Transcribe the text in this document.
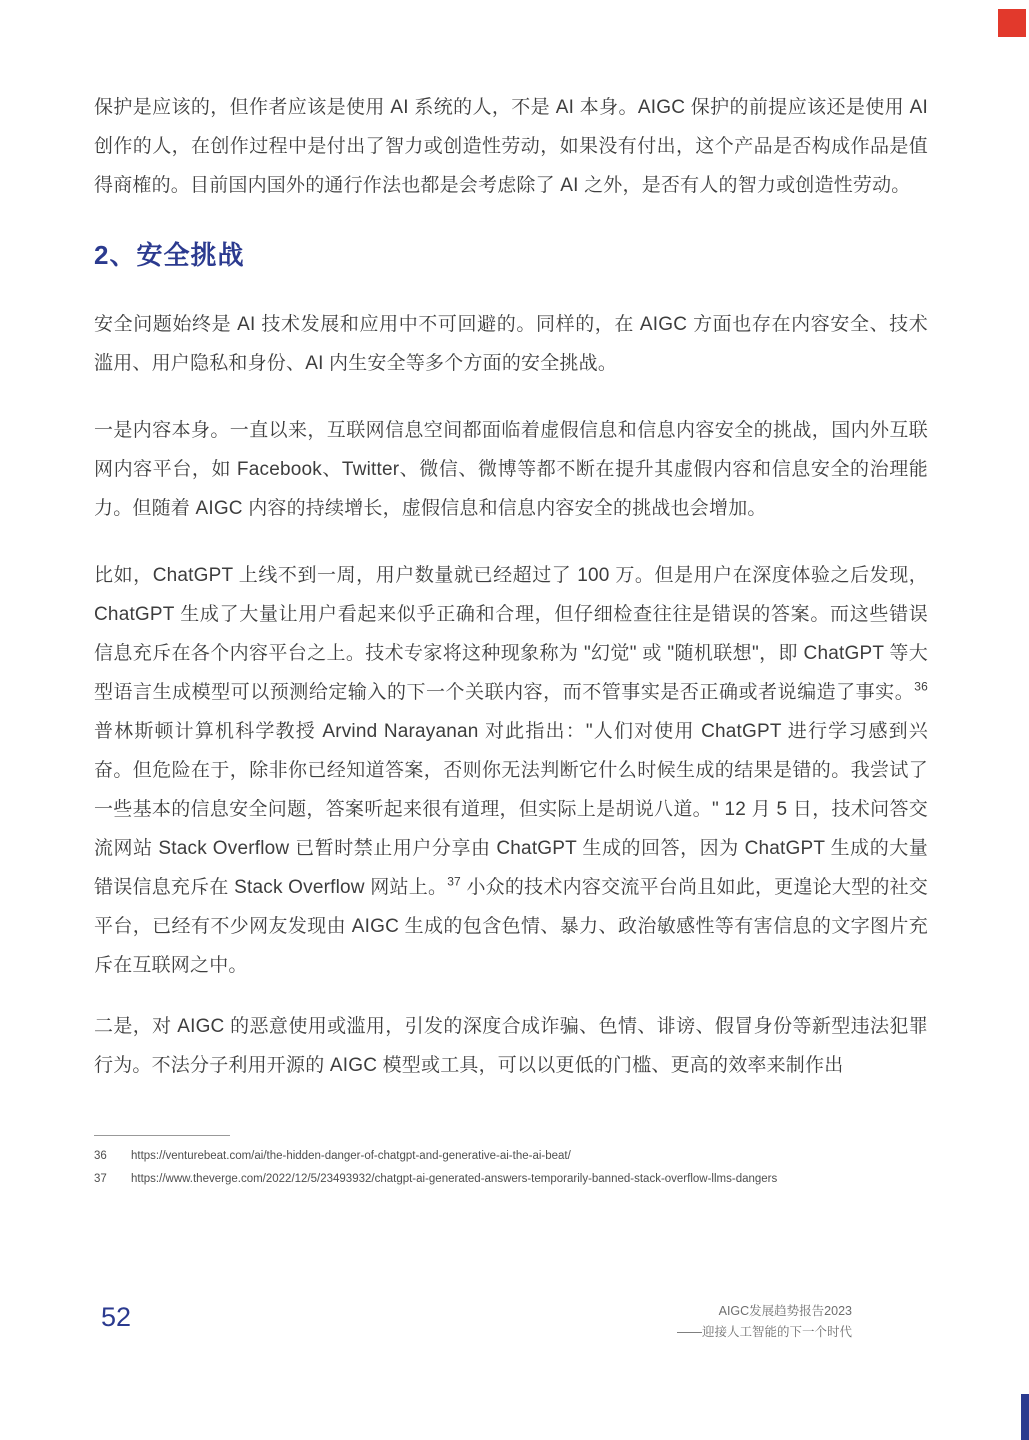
保护是应该的，但作者应该是使用 AI 系统的人，不是 AI 本身。AIGC 保护的前提应该还是使用 AI 创作的人，在创作过程中是付出了智力或创造性劳动，如果没有付出，这个产品是否构成作品是值得商榷的。目前国内国外的通行作法也都是会考虑除了 AI 之外，是否有人的智力或创造性劳动。

2、安全挑战

安全问题始终是 AI 技术发展和应用中不可回避的。同样的，在 AIGC 方面也存在内容安全、技术滥用、用户隐私和身份、AI 内生安全等多个方面的安全挑战。

一是内容本身。一直以来，互联网信息空间都面临着虚假信息和信息内容安全的挑战，国内外互联网内容平台，如 Facebook、Twitter、微信、微博等都不断在提升其虚假内容和信息安全的治理能力。但随着 AIGC 内容的持续增长，虚假信息和信息内容安全的挑战也会增加。

比如，ChatGPT 上线不到一周，用户数量就已经超过了 100 万。但是用户在深度体验之后发现，ChatGPT 生成了大量让用户看起来似乎正确和合理，但仔细检查往往是错误的答案。而这些错误信息充斥在各个内容平台之上。技术专家将这种现象称为 "幻觉" 或 "随机联想"，即 ChatGPT 等大型语言生成模型可以预测给定输入的下一个关联内容，而不管事实是否正确或者说编造了事实。$^{36}$ 普林斯顿计算机科学教授 Arvind Narayanan 对此指出："人们对使用 ChatGPT 进行学习感到兴奋。但危险在于，除非你已经知道答案，否则你无法判断它什么时候生成的结果是错的。我尝试了一些基本的信息安全问题，答案听起来很有道理，但实际上是胡说八道。" 12 月 5 日，技术问答交流网站 Stack Overflow 已暂时禁止用户分享由 ChatGPT 生成的回答，因为 ChatGPT 生成的大量错误信息充斥在 Stack Overflow 网站上。$^{37}$ 小众的技术内容交流平台尚且如此，更遑论大型的社交平台，已经有不少网友发现由 AIGC 生成的包含色情、暴力、政治敏感性等有害信息的文字图片充斥在互联网之中。

二是，对 AIGC 的恶意使用或滥用，引发的深度合成诈骗、色情、诽谤、假冒身份等新型违法犯罪行为。不法分子利用开源的 AIGC 模型或工具，可以以更低的门槛、更高的效率来制作出

36	https://venturebeat.com/ai/the-hidden-danger-of-chatgpt-and-generative-ai-the-ai-beat/
37	https://www.theverge.com/2022/12/5/23493932/chatgpt-ai-generated-answers-temporarily-banned-stack-overflow-llms-dangers
52	AIGC发展趋势报告2023
——迎接人工智能的下一个时代
